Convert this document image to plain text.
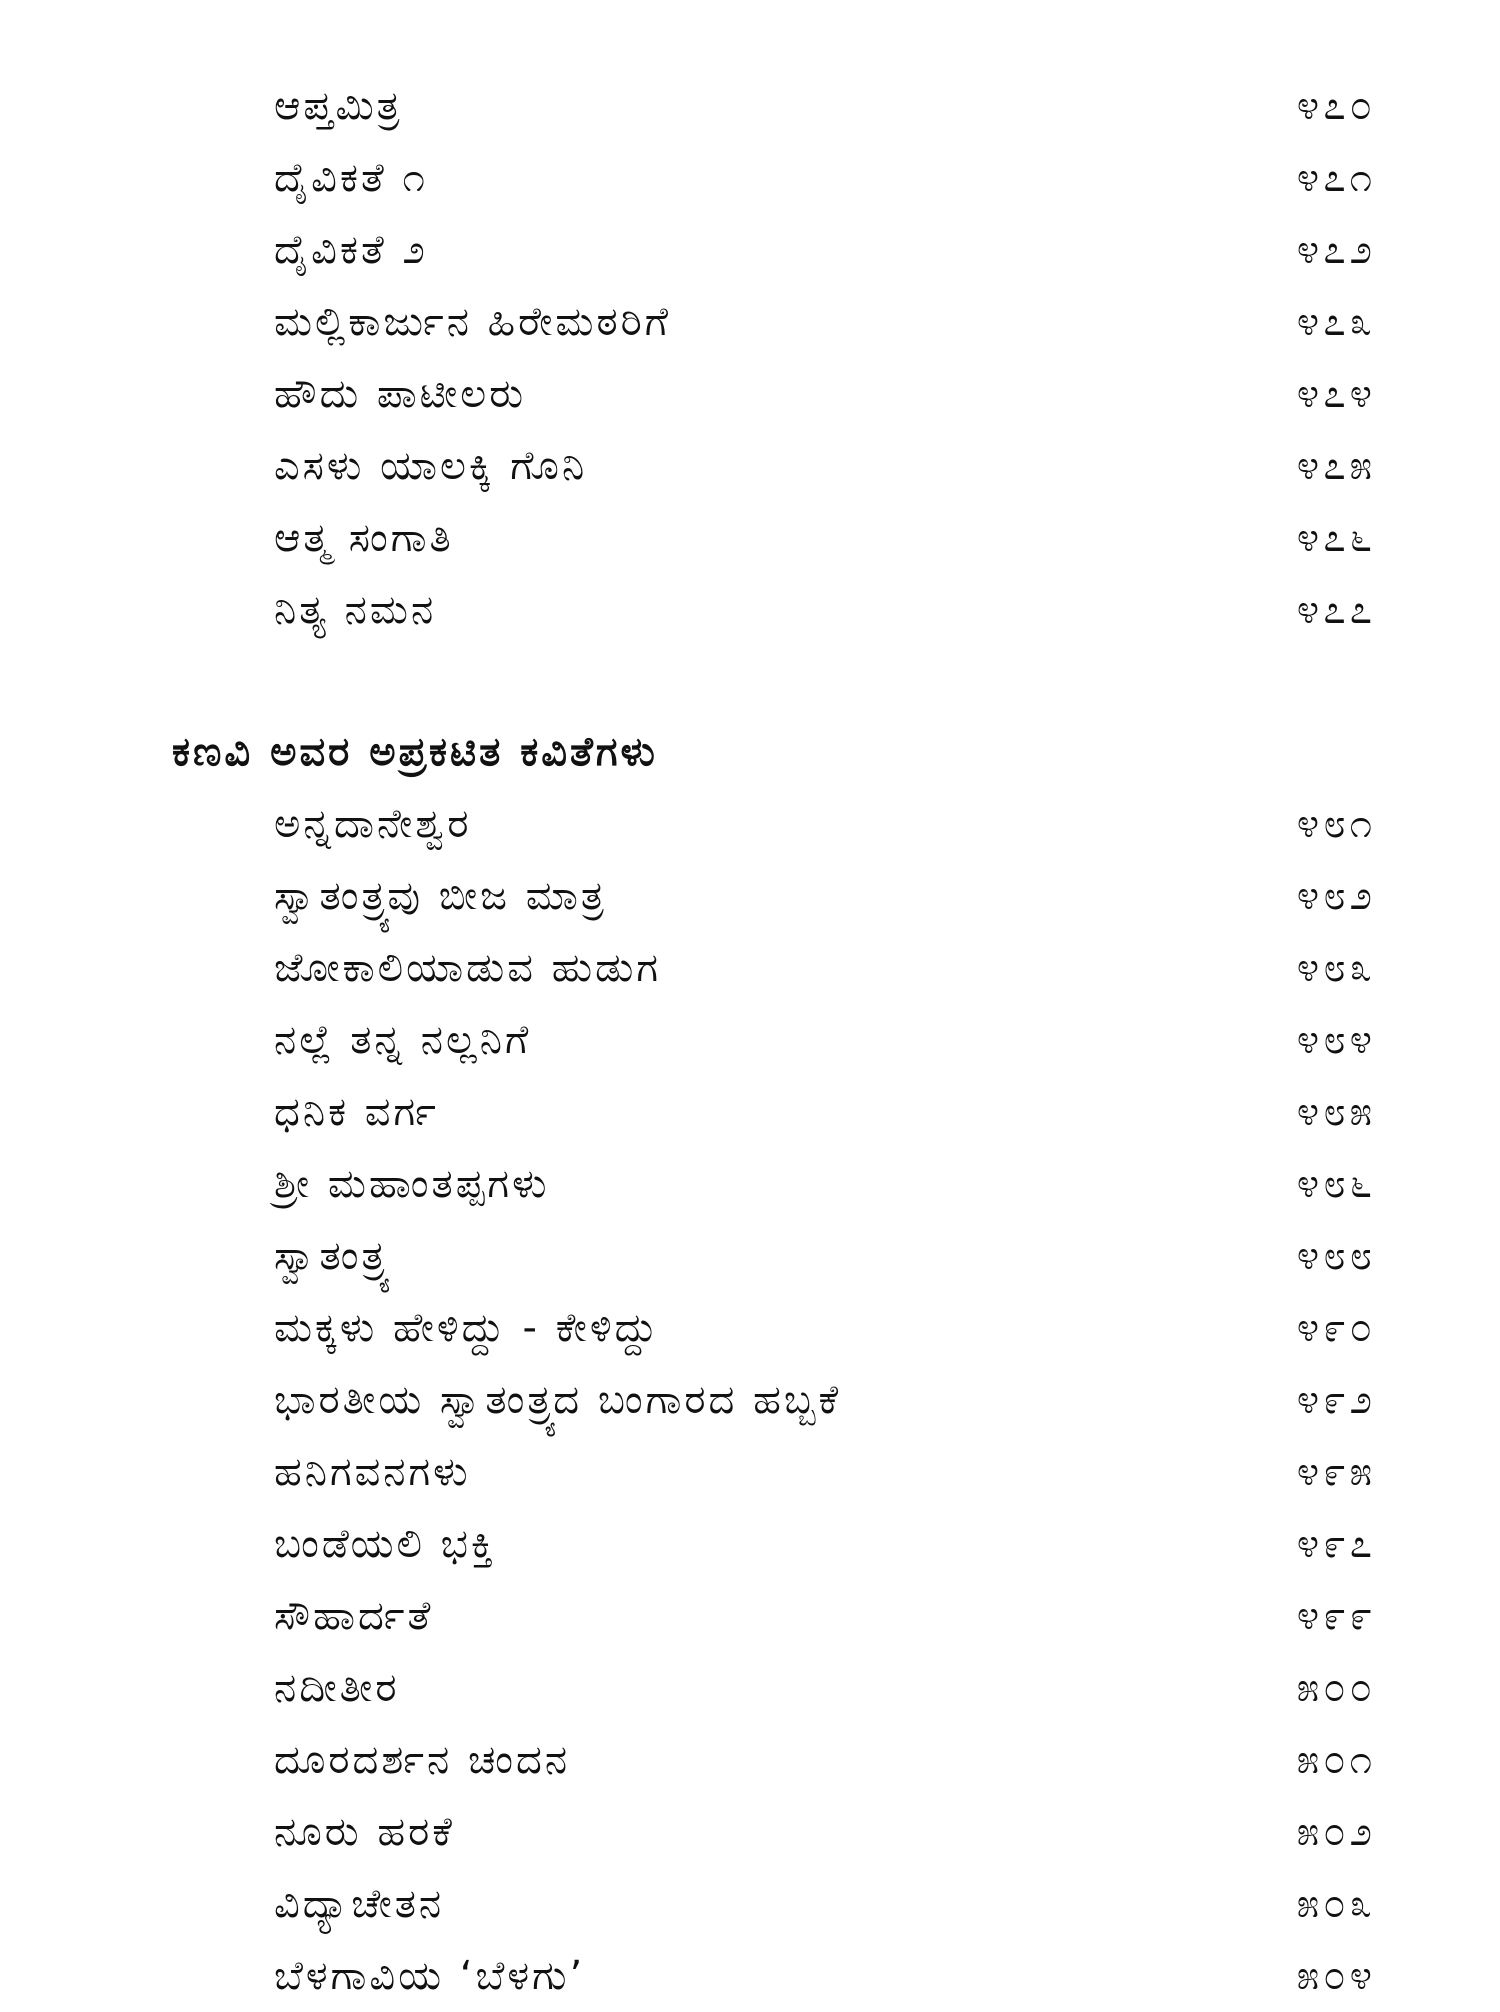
ಆಪ್ತಮಿತ್ರ	೪೭೦
ದೈವಿಕತೆ ೧	೪೭೧
ದೈವಿಕತೆ ೨	೪೭೨
ಮಲ್ಲಿಕಾರ್ಜುನ ಹಿರೇಮಠರಿಗೆ	೪೭೩
ಹೌದು ಪಾಟೀಲರು	೪೭೪
ಎಸಳು ಯಾಲಕ್ಕಿ ಗೊನಿ	೪೭೫
ಆತ್ಮ ಸಂಗಾತಿ	೪೭೬
ನಿತ್ಯ ನಮನ	೪೭೭
ಕಣವಿ ಅವರ ಅಪ್ರಕಟಿತ ಕವಿತೆಗಳು
ಅನ್ನದಾನೇಶ್ವರ	೪೮೧
ಸ್ವಾತಂತ್ರ್ಯವು ಬೀಜ ಮಾತ್ರ	೪೮೨
ಜೋಕಾಲಿಯಾಡುವ ಹುಡುಗ	೪೮೩
ನಲ್ಲೆ ತನ್ನ ನಲ್ಲನಿಗೆ	೪೮೪
ಧನಿಕ ವರ್ಗ	೪೮೫
ಶ್ರೀ ಮಹಾಂತಪ್ಪಗಳು	೪೮೬
ಸ್ವಾತಂತ್ರ್ಯ	೪೮೮
ಮಕ್ಕಳು ಹೇಳಿದ್ದು - ಕೇಳಿದ್ದು	೪೯೦
ಭಾರತೀಯ ಸ್ವಾತಂತ್ರ್ಯದ ಬಂಗಾರದ ಹಬ್ಬಕೆ	೪೯೨
ಹನಿಗವನಗಳು	೪೯೫
ಬಂಡೆಯಲಿ ಭಕ್ತಿ	೪೯೭
ಸೌಹಾರ್ದತೆ	೪೯೯
ನದೀತೀರ	೫೦೦
ದೂರದರ್ಶನ ಚಂದನ	೫೦೧
ನೂರು ಹರಕೆ	೫೦೨
ವಿದ್ಯಾಚೇತನ	೫೦೩
ಬೆಳಗಾವಿಯ ‘ಬೆಳಗು’	೫೦೪
